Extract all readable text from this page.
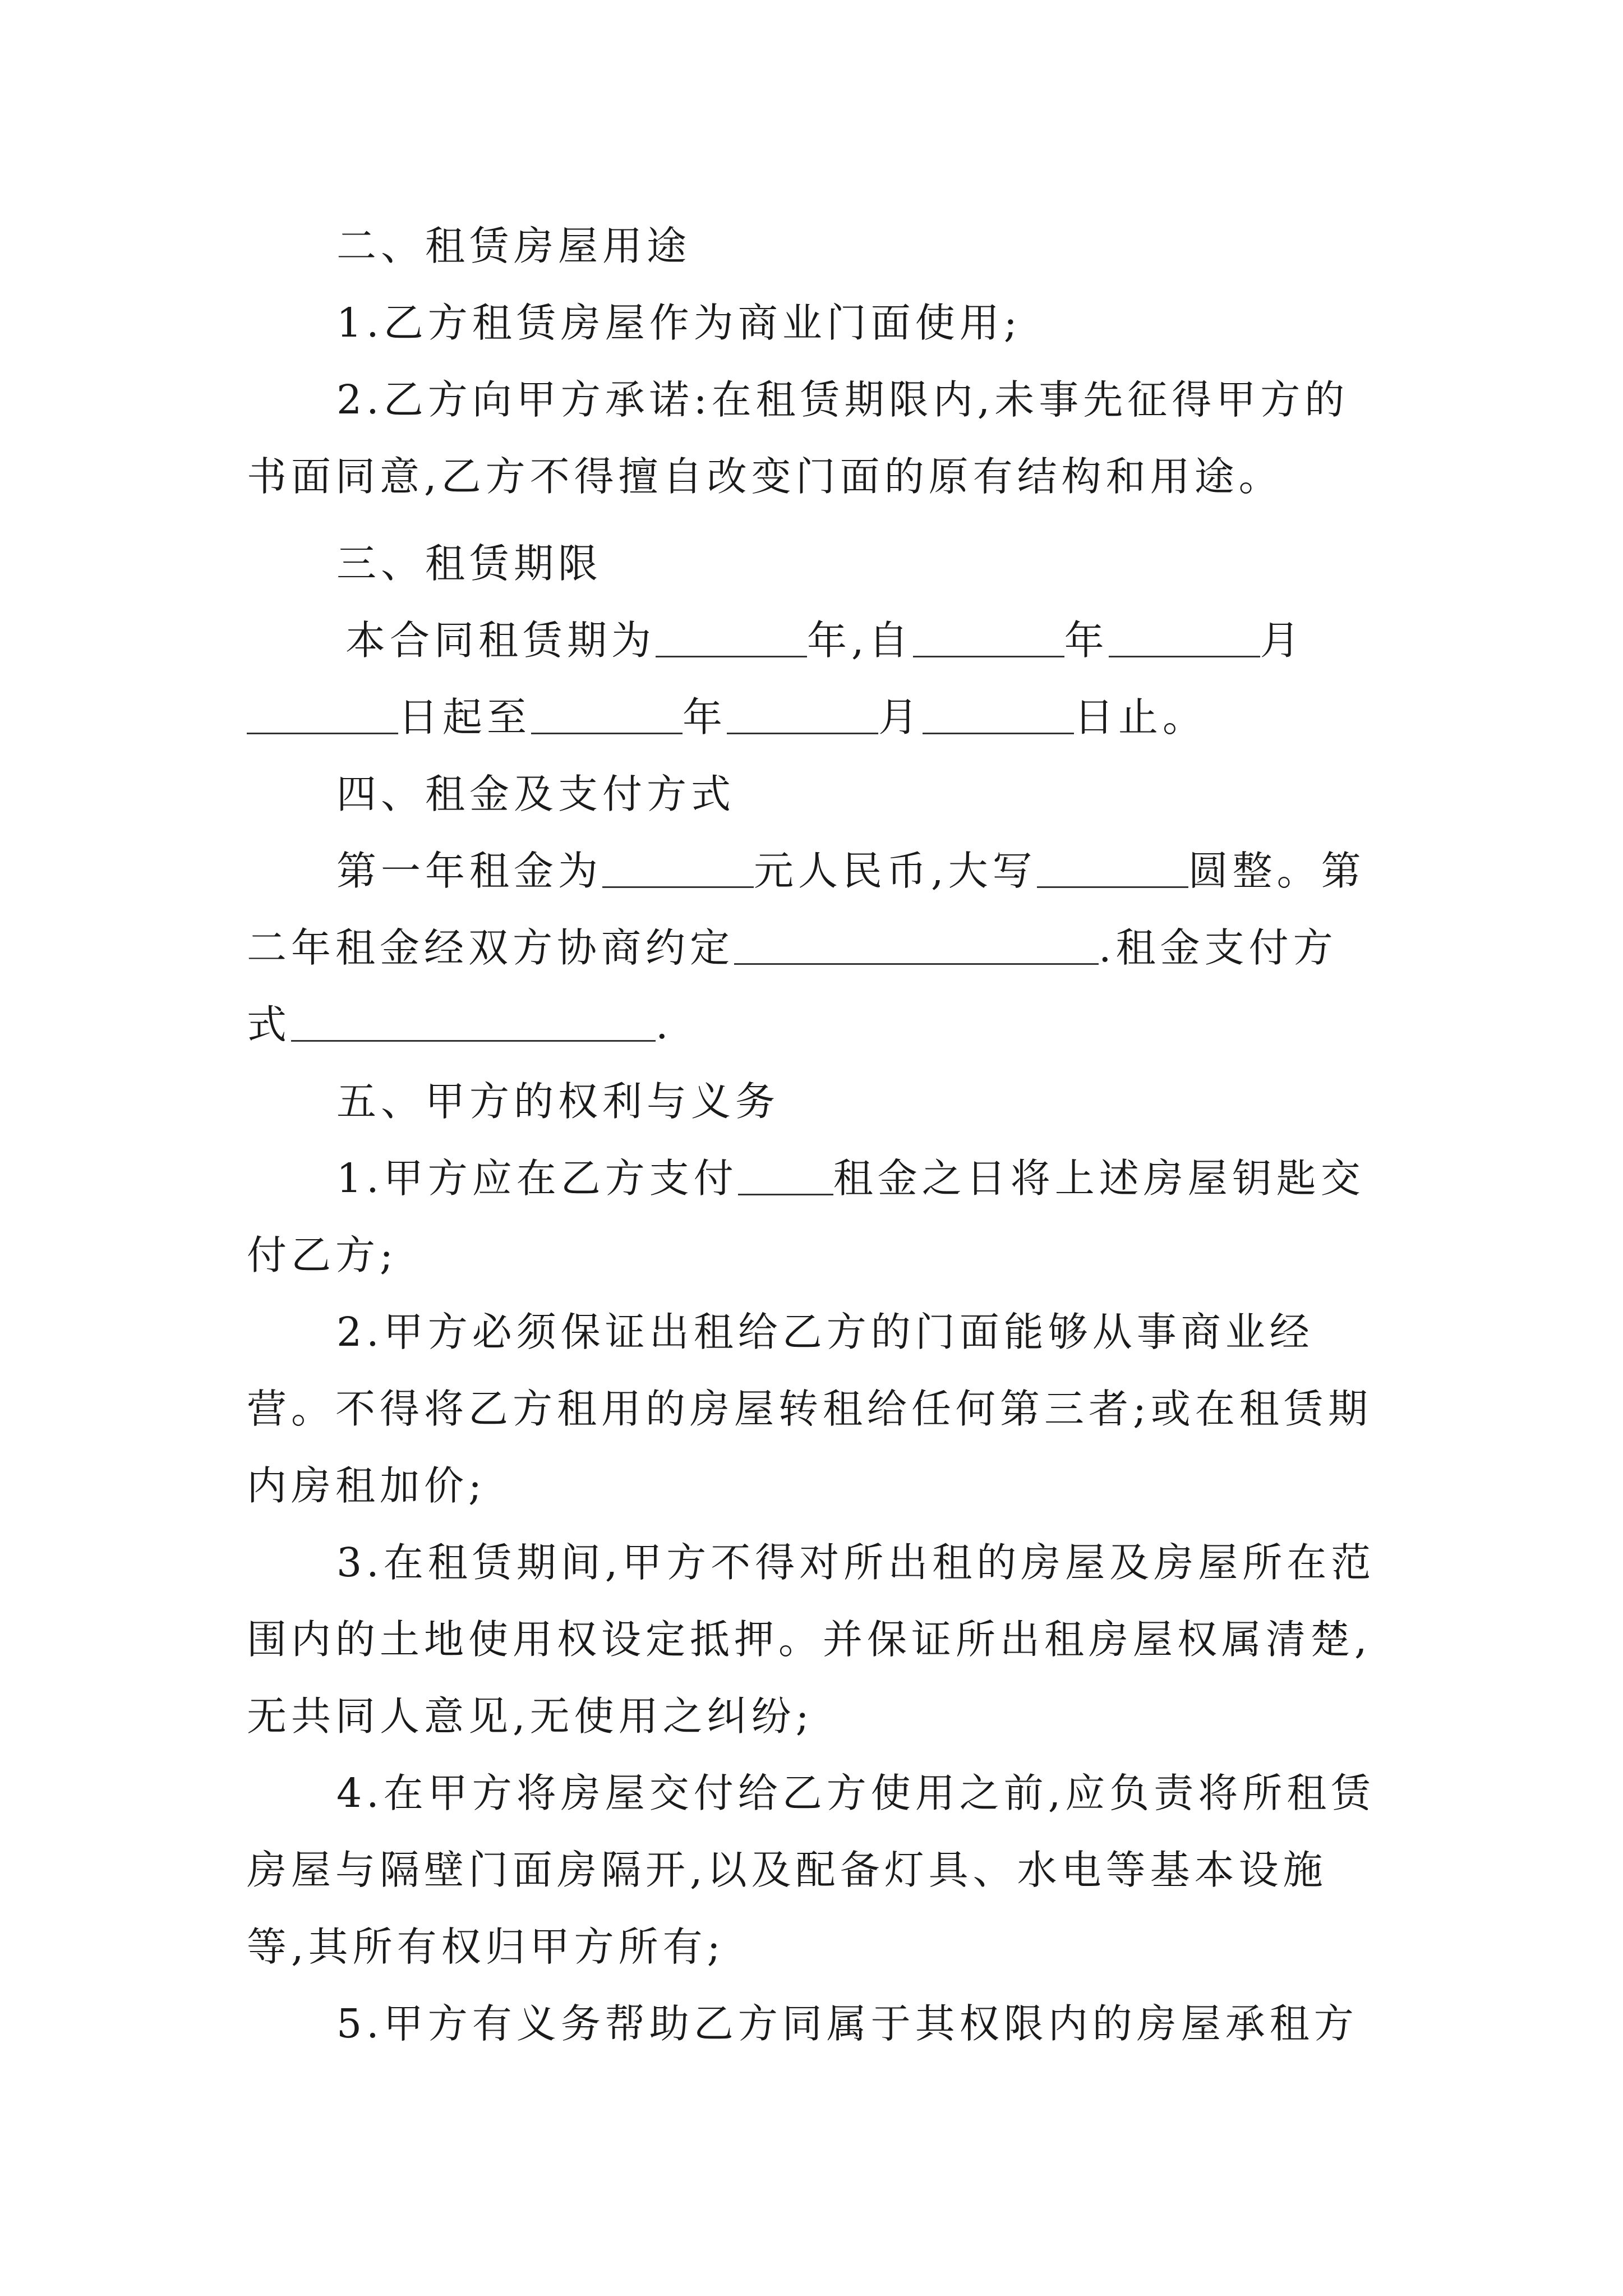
二、租赁房屋用途

1.乙方租赁房屋作为商业门面使用;

2.乙方向甲方承诺:在租赁期限内,未事先征得甲方的书面同意,乙方不得擅自改变门面的原有结构和用途。

三、租赁期限

本合同租赁期为	年,自	年	月日起至	年	月	日止。

四、租金及支付方式

第一年租金为	元人民币,大写	圆整。第二年租金经双方协商约定	.租金支付方式	.

五、甲方的权利与义务

1.甲方应在乙方支付 租金之日将上述房屋钥匙交付乙方;

2.甲方必须保证出租给乙方的门面能够从事商业经营。不得将乙方租用的房屋转租给任何第三者;或在租赁期内房租加价;

3.在租赁期间,甲方不得对所出租的房屋及房屋所在范围内的土地使用权设定抵押。并保证所出租房屋权属清楚,无共同人意见,无使用之纠纷;

4.在甲方将房屋交付给乙方使用之前,应负责将所租赁房屋与隔壁门面房隔开,以及配备灯具、水电等基本设施等,其所有权归甲方所有;

5.甲方有义务帮助乙方同属于其权限内的房屋承租方
